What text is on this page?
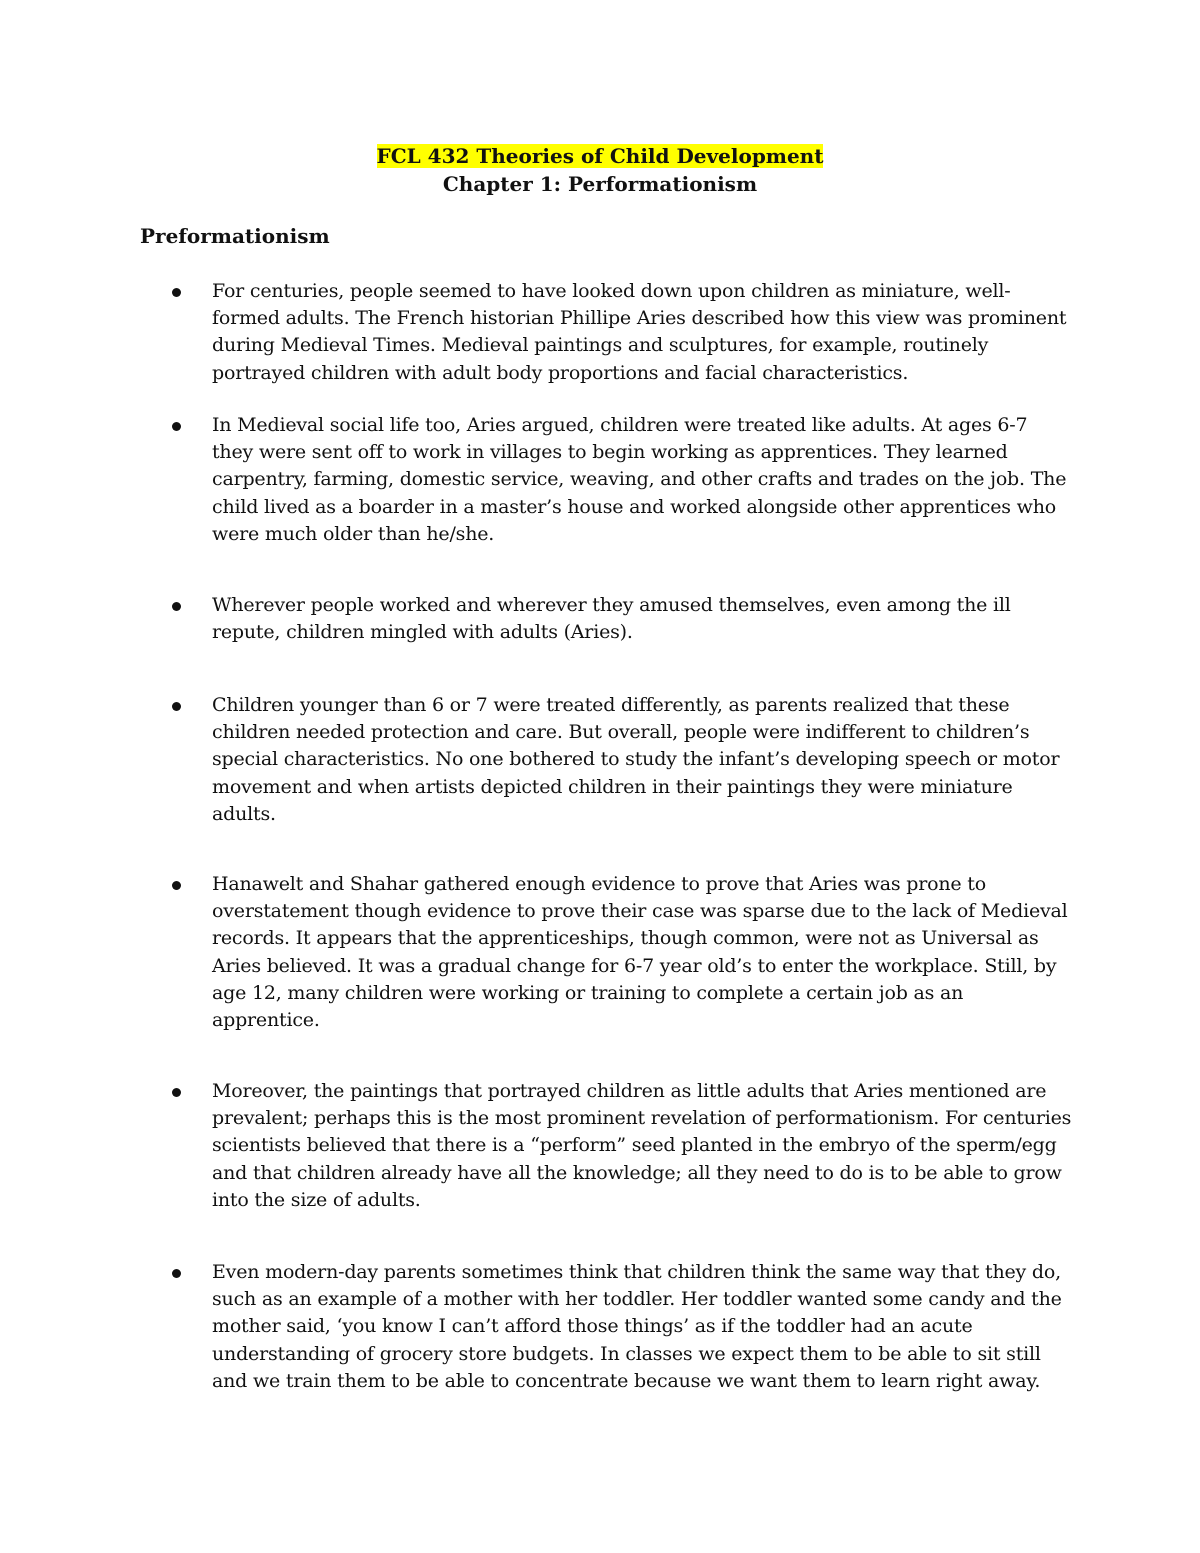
FCL 432 Theories of Child Development
Chapter 1: Performationism
Preformationism
For centuries, people seemed to have looked down upon children as miniature, well-formed adults. The French historian Phillipe Aries described how this view was prominent during Medieval Times. Medieval paintings and sculptures, for example, routinely portrayed children with adult body proportions and facial characteristics.
In Medieval social life too, Aries argued, children were treated like adults. At ages 6-7 they were sent off to work in villages to begin working as apprentices. They learned carpentry, farming, domestic service, weaving, and other crafts and trades on the job. The child lived as a boarder in a master’s house and worked alongside other apprentices who were much older than he/she.
Wherever people worked and wherever they amused themselves, even among the ill repute, children mingled with adults (Aries).
Children younger than 6 or 7 were treated differently, as parents realized that these children needed protection and care. But overall, people were indifferent to children’s special characteristics. No one bothered to study the infant’s developing speech or motor movement and when artists depicted children in their paintings they were miniature adults.
Hanawelt and Shahar gathered enough evidence to prove that Aries was prone to overstatement though evidence to prove their case was sparse due to the lack of Medieval records. It appears that the apprenticeships, though common, were not as Universal as Aries believed. It was a gradual change for 6-7 year old’s to enter the workplace. Still, by age 12, many children were working or training to complete a certain job as an apprentice.
Moreover, the paintings that portrayed children as little adults that Aries mentioned are prevalent; perhaps this is the most prominent revelation of performationism. For centuries scientists believed that there is a “perform” seed planted in the embryo of the sperm/egg and that children already have all the knowledge; all they need to do is to be able to grow into the size of adults.
Even modern-day parents sometimes think that children think the same way that they do, such as an example of a mother with her toddler. Her toddler wanted some candy and the mother said, ‘you know I can’t afford those things’ as if the toddler had an acute understanding of grocery store budgets. In classes we expect them to be able to sit still and we train them to be able to concentrate because we want them to learn right away.
